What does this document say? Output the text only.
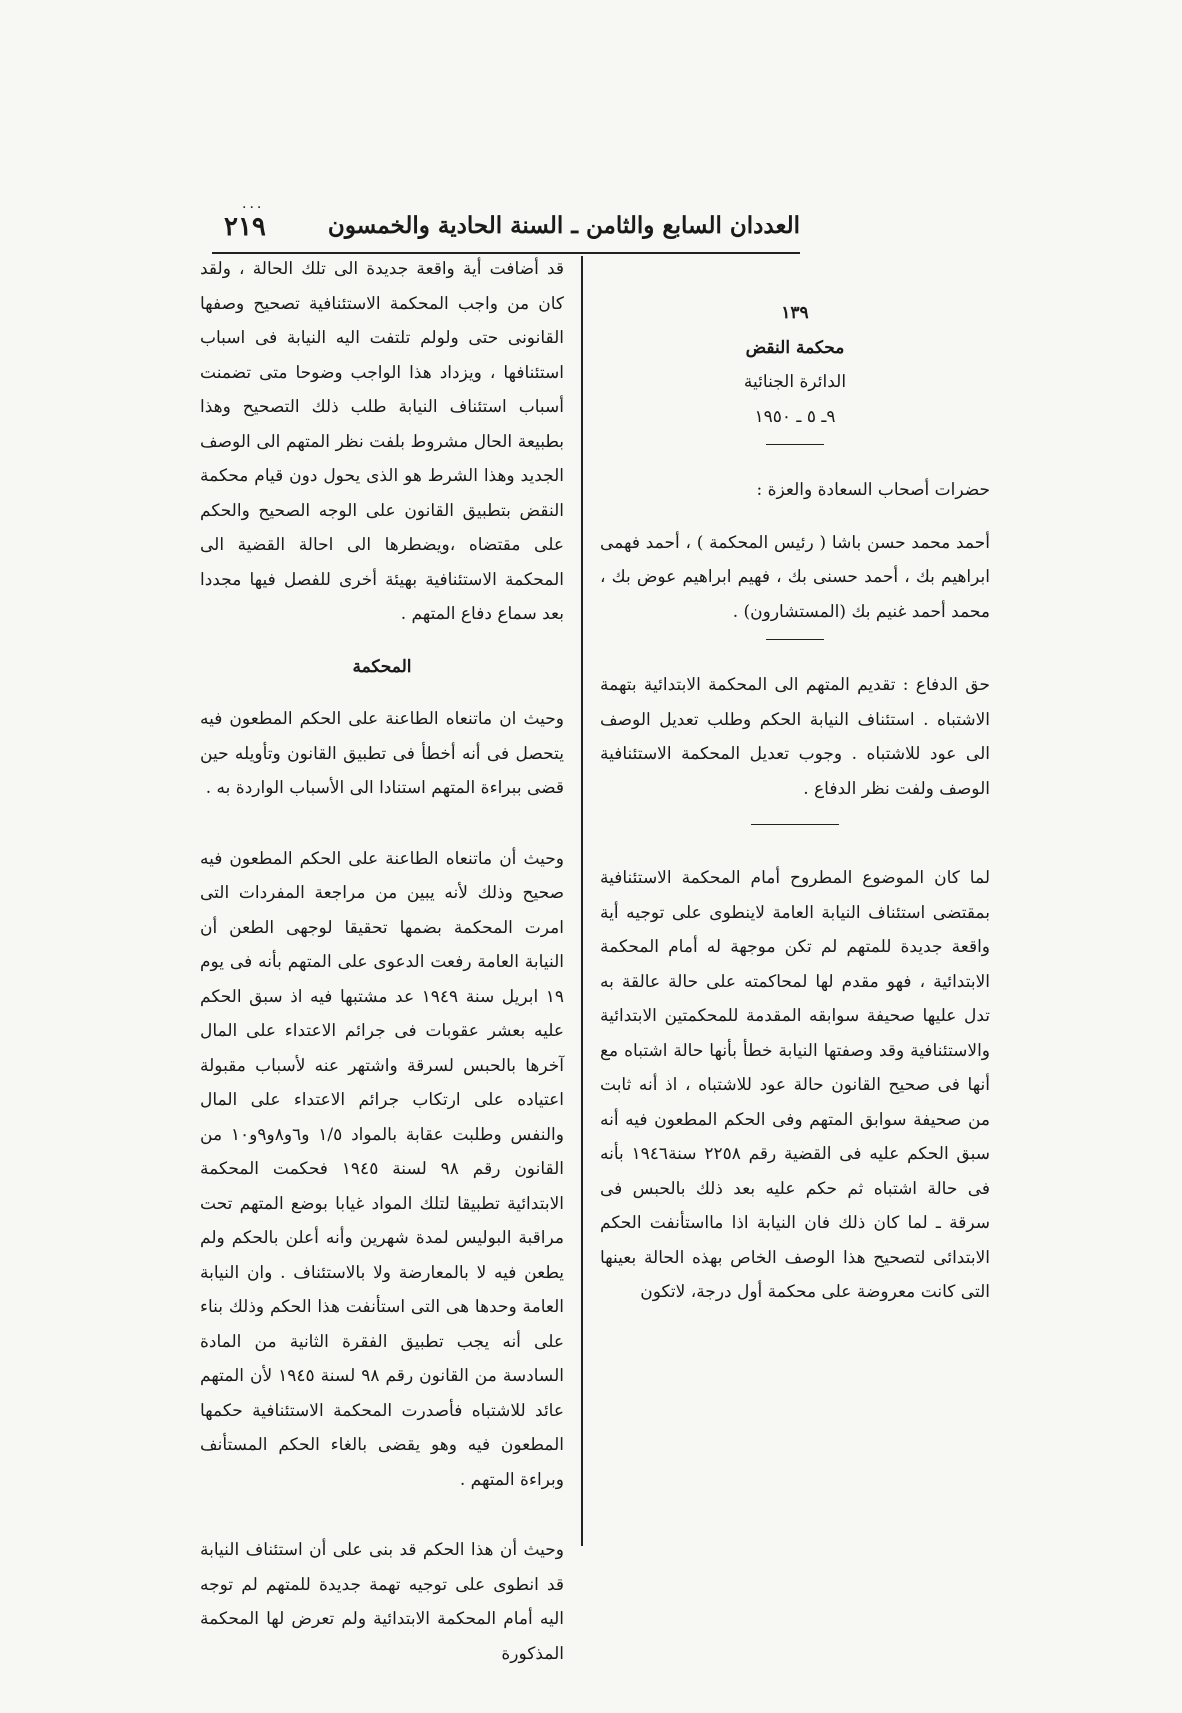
...
٢١٩	العددان السابع والثامن ـ السنة الحادية والخمسون

١٣٩

محكمة النقض

الدائرة الجنائية

٩ـ ٥ ـ ١٩٥٠

حضرات أصحاب السعادة والعزة :

أحمد محمد حسن باشا ( رئيس المحكمة ) ، أحمد فهمى ابراهيم بك ، أحمد حسنى بك ، فهيم ابراهيم عوض بك ، محمد أحمد غنيم بك (المستشارون) .

حق الدفاع : تقديم المتهم الى المحكمة الابتدائية بتهمة الاشتباه . استئناف النيابة الحكم وطلب تعديل الوصف الى عود للاشتباه . وجوب تعديل المحكمة الاستئنافية الوصف ولفت نظر الدفاع .

لما كان الموضوع المطروح أمام المحكمة الاستئنافية بمقتضى استئناف النيابة العامة لاينطوى على توجيه أية واقعة جديدة للمتهم لم تكن موجهة له أمام المحكمة الابتدائية ، فهو مقدم لها لمحاكمته على حالة عالقة به تدل عليها صحيفة سوابقه المقدمة للمحكمتين الابتدائية والاستئنافية وقد وصفتها النيابة خطأ بأنها حالة اشتباه مع أنها فى صحيح القانون حالة عود للاشتباه ، اذ أنه ثابت من صحيفة سوابق المتهم وفى الحكم المطعون فيه أنه سبق الحكم عليه فى القضية رقم ٢٢٥٨ سنة١٩٤٦ بأنه فى حالة اشتباه ثم حكم عليه بعد ذلك بالحبس فى سرقة ـ لما كان ذلك فان النيابة اذا مااستأنفت الحكم الابتدائى لتصحيح هذا الوصف الخاص بهذه الحالة بعينها التى كانت معروضة على محكمة أول درجة، لاتكون

قد أضافت أية واقعة جديدة الى تلك الحالة ، ولقد كان من واجب المحكمة الاستئنافية تصحيح وصفها القانونى حتى ولولم تلتفت اليه النيابة فى اسباب استئنافها ، ويزداد هذا الواجب وضوحا متى تضمنت أسباب استئناف النيابة طلب ذلك التصحيح وهذا بطبيعة الحال مشروط بلفت نظر المتهم الى الوصف الجديد وهذا الشرط هو الذى يحول دون قيام محكمة النقض بتطبيق القانون على الوجه الصحيح والحكم على مقتضاه ،ويضطرها الى احالة القضية الى المحكمة الاستئنافية بهيئة أخرى للفصل فيها مجددا بعد سماع دفاع المتهم .

المحكمة

وحيث ان ماتنعاه الطاعنة على الحكم المطعون فيه يتحصل فى أنه أخطأ فى تطبيق القانون وتأويله حين قضى ببراءة المتهم استنادا الى الأسباب الواردة به .

وحيث أن ماتنعاه الطاعنة على الحكم المطعون فيه صحيح وذلك لأنه يبين من مراجعة المفردات التى امرت المحكمة بضمها تحقيقا لوجهى الطعن أن النيابة العامة رفعت الدعوى على المتهم بأنه فى يوم ١٩ ابريل سنة ١٩٤٩ عد مشتبها فيه اذ سبق الحكم عليه بعشر عقوبات فى جرائم الاعتداء على المال آخرها بالحبس لسرقة واشتهر عنه لأسباب مقبولة اعتياده على ارتكاب جرائم الاعتداء على المال والنفس وطلبت عقابة بالمواد ١/٥ و٦و٨و٩و١٠ من القانون رقم ٩٨ لسنة ١٩٤٥ فحكمت المحكمة الابتدائية تطبيقا لتلك المواد غيابا بوضع المتهم تحت مراقبة البوليس لمدة شهرين وأنه أعلن بالحكم ولم يطعن فيه لا بالمعارضة ولا بالاستئناف . وان النيابة العامة وحدها هى التى استأنفت هذا الحكم وذلك بناء على أنه يجب تطبيق الفقرة الثانية من المادة السادسة من القانون رقم ٩٨ لسنة ١٩٤٥ لأن المتهم عائد للاشتباه فأصدرت المحكمة الاستئنافية حكمها المطعون فيه وهو يقضى بالغاء الحكم المستأنف وبراءة المتهم .

وحيث أن هذا الحكم قد بنى على أن استئناف النيابة قد انطوى على توجيه تهمة جديدة للمتهم لم توجه اليه أمام المحكمة الابتدائية ولم تعرض لها المحكمة المذكورة
